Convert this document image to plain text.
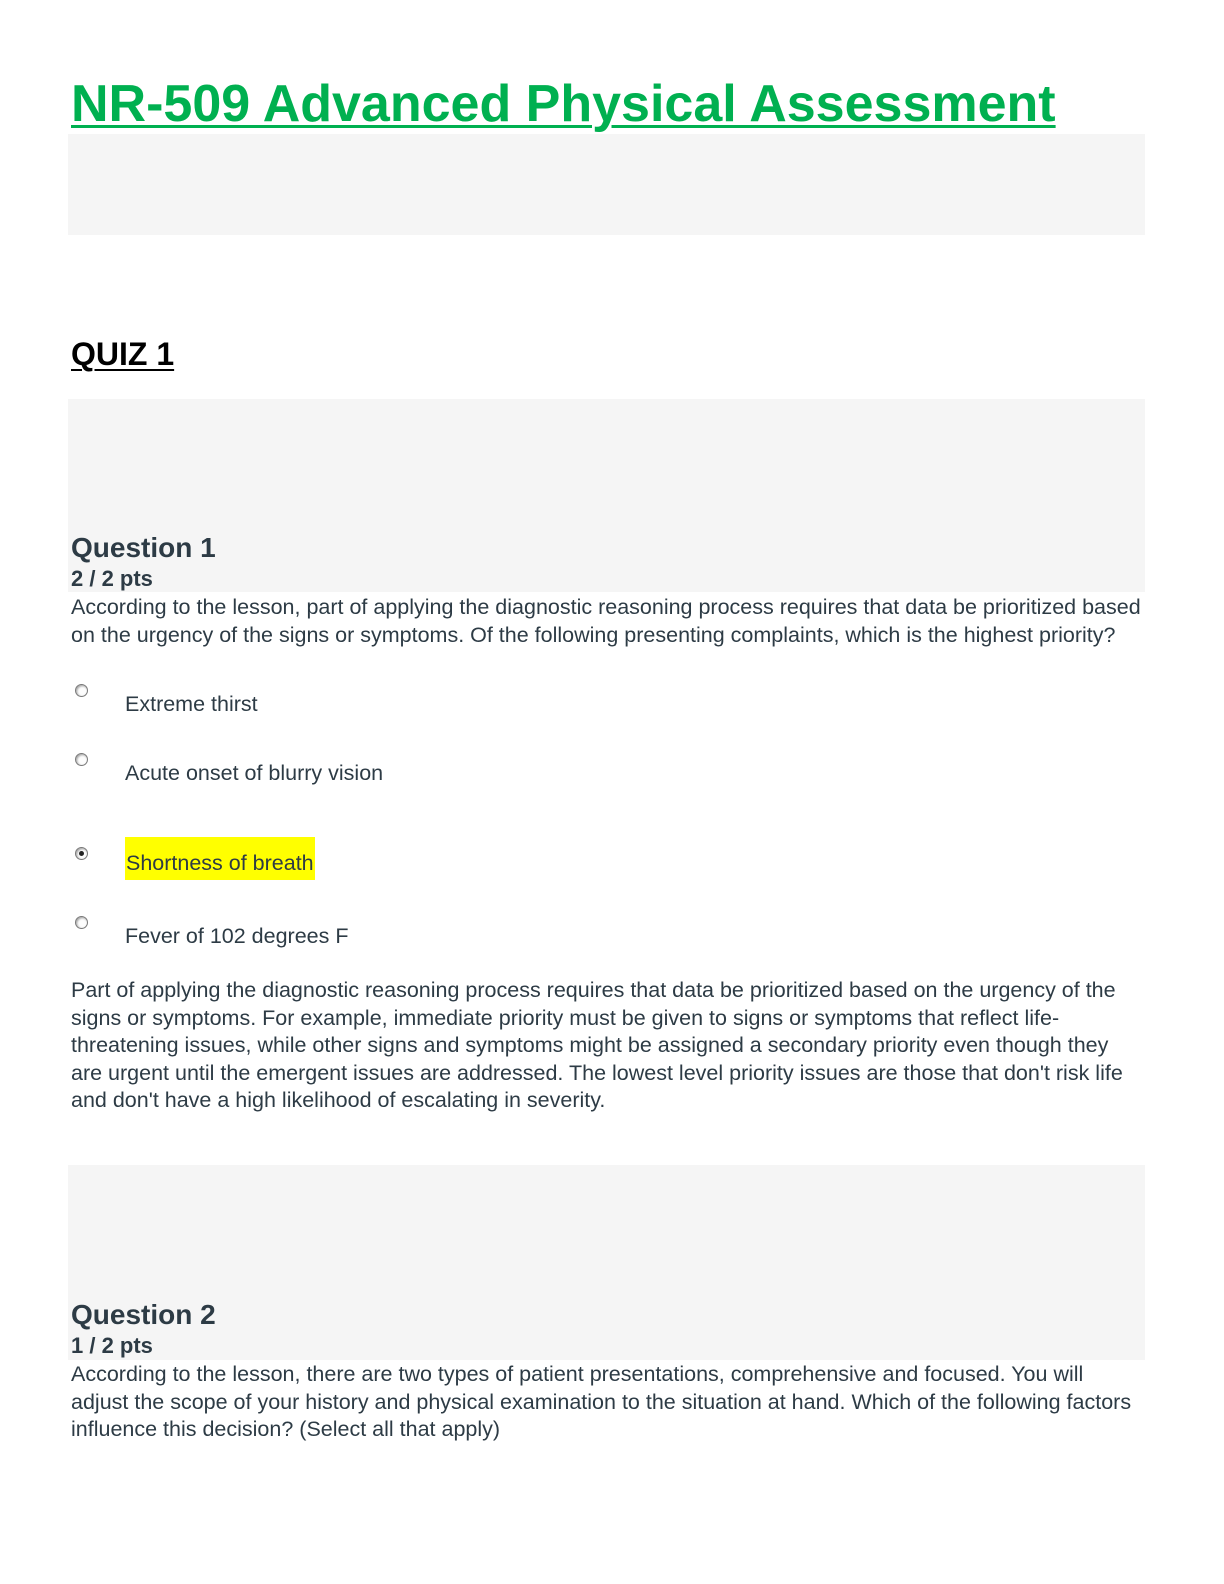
NR-509 Advanced Physical Assessment
QUIZ 1
Question 1
2 / 2 pts

According to the lesson, part of applying the diagnostic reasoning process requires that data be prioritized based on the urgency of the signs or symptoms. Of the following presenting complaints, which is the highest priority?

Extreme thirst
Acute onset of blurry vision
Shortness of breath
Fever of 102 degrees F

Part of applying the diagnostic reasoning process requires that data be prioritized based on the urgency of the signs or symptoms. For example, immediate priority must be given to signs or symptoms that reflect life-threatening issues, while other signs and symptoms might be assigned a secondary priority even though they are urgent until the emergent issues are addressed. The lowest level priority issues are those that don't risk life and don't have a high likelihood of escalating in severity.

Question 2
1 / 2 pts

According to the lesson, there are two types of patient presentations, comprehensive and focused. You will adjust the scope of your history and physical examination to the situation at hand. Which of the following factors influence this decision? (Select all that apply)
